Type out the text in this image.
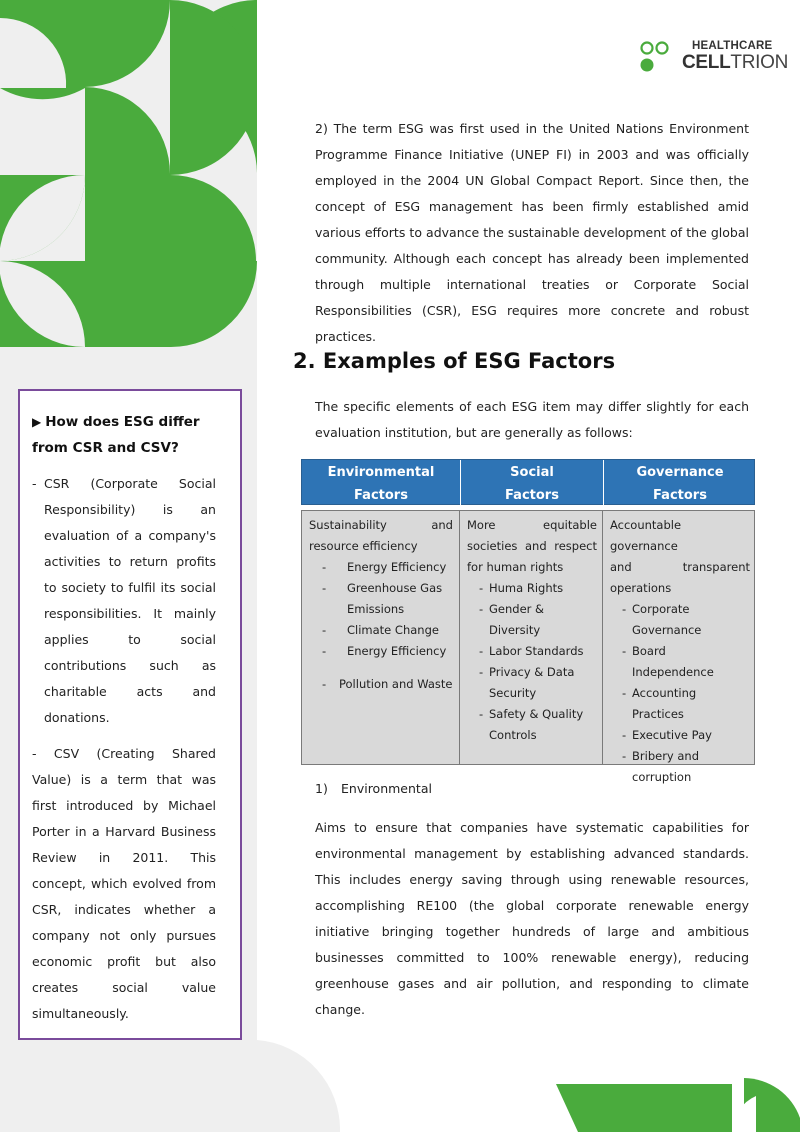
HEALTHCARE
CELLTRION

2) The term ESG was first used in the United Nations Environment Programme Finance Initiative (UNEP FI) in 2003 and was officially employed in the 2004 UN Global Compact Report. Since then, the concept of ESG management has been firmly established amid various efforts to advance the sustainable development of the global community. Although each concept has already been implemented through multiple international treaties or Corporate Social Responsibilities (CSR), ESG requires more concrete and robust practices.

2. Examples of ESG Factors

The specific elements of each ESG item may differ slightly for each evaluation institution, but are generally as follows:

Environmental
Factors
Social
Factors
Governance
Factors
Sustainability and
resource efficiency
- Energy Efficiency
- Greenhouse Gas Emissions
- Climate Change
- Energy Efficiency
- Pollution and Waste
More equitable
societies and respect
for human rights
- Huma Rights
- Gender & Diversity
- Labor Standards
- Privacy & Data Security
- Safety & Quality Controls
Accountable governance
and transparent
operations
- Corporate Governance
- Board Independence
- Accounting Practices
- Executive Pay
- Bribery and corruption

1) Environmental

Aims to ensure that companies have systematic capabilities for environmental management by establishing advanced standards. This includes energy saving through using renewable resources, accomplishing RE100 (the global corporate renewable energy initiative bringing together hundreds of large and ambitious businesses committed to 100% renewable energy), reducing greenhouse gases and air pollution, and responding to climate change.

▶ How does ESG differ from CSR and CSV?

- CSR (Corporate Social Responsibility) is an evaluation of a company's activities to return profits to society to fulfil its social responsibilities. It mainly applies to social contributions such as charitable acts and donations.

- CSV (Creating Shared Value) is a term that was first introduced by Michael Porter in a Harvard Business Review in 2011. This concept, which evolved from CSR, indicates whether a company not only pursues economic profit but also creates social value simultaneously.
